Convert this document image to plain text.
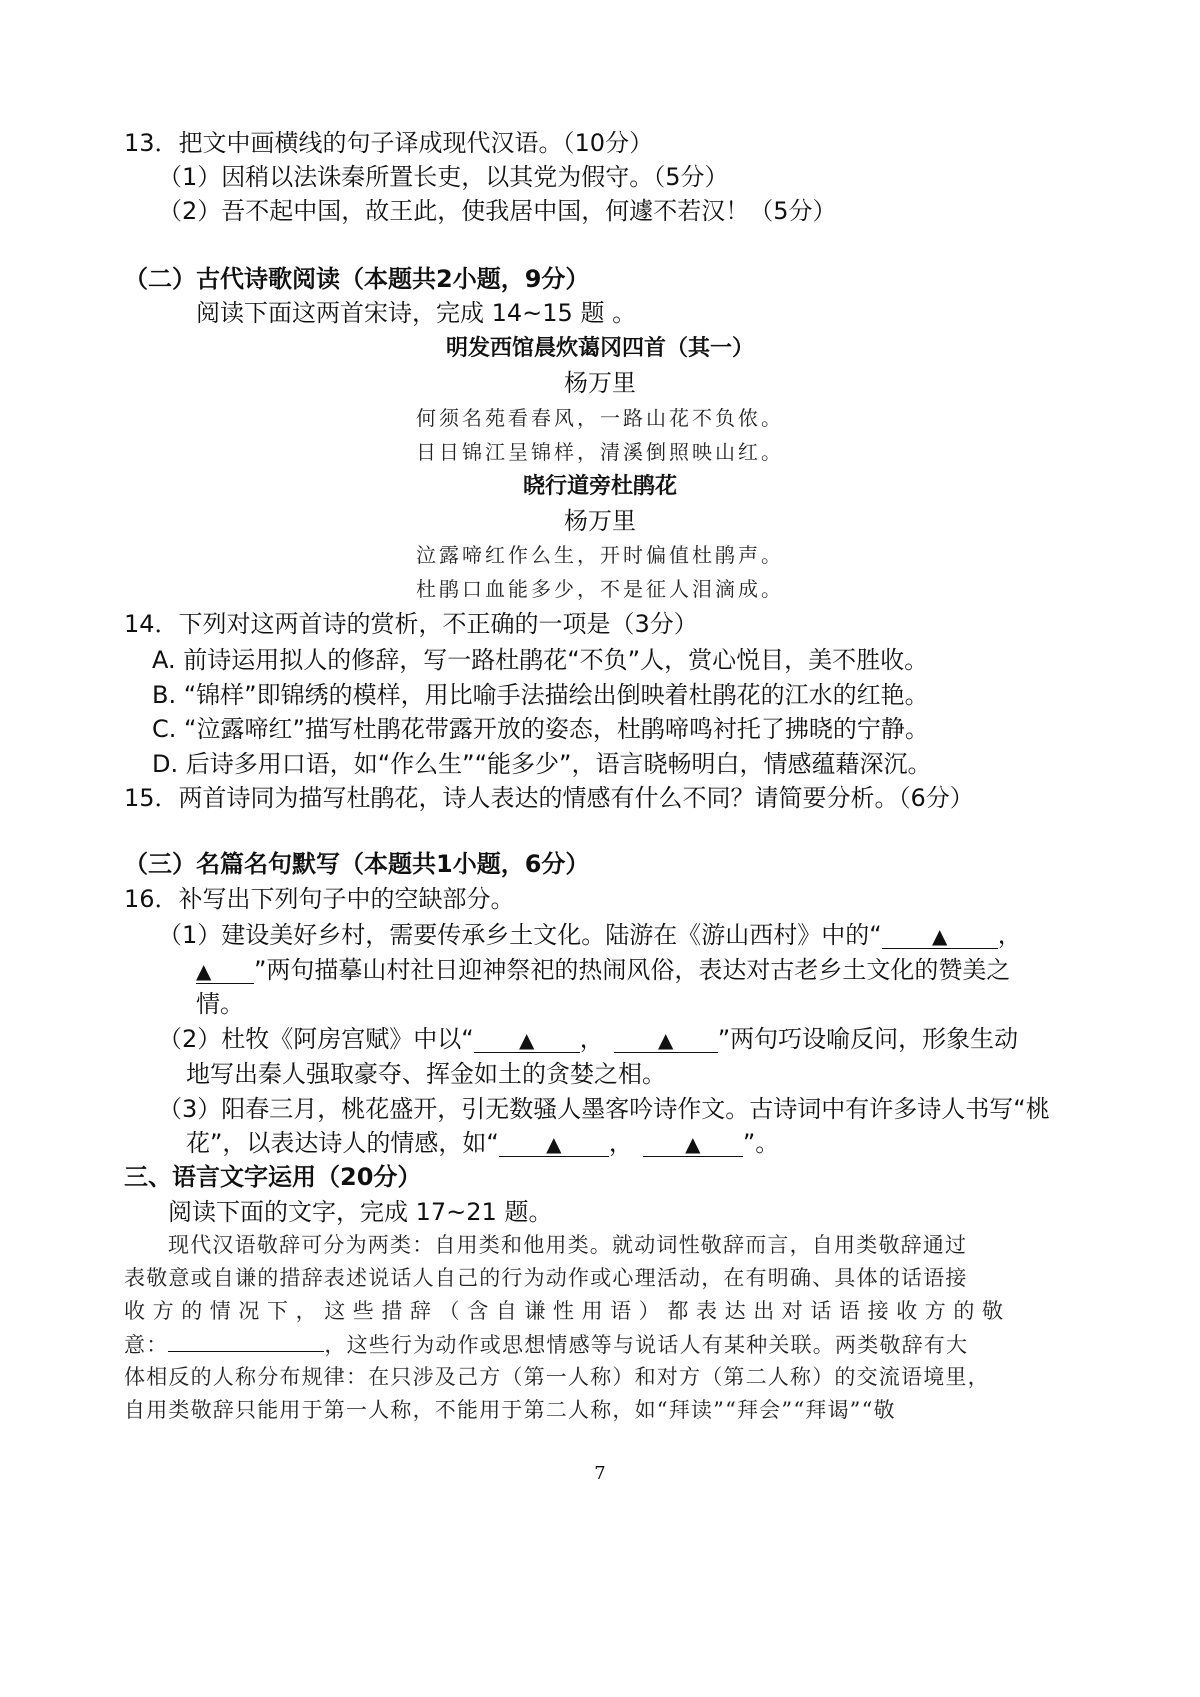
13．把文中画横线的句子译成现代汉语。（10分）
（1）因稍以法诛秦所置长吏，以其党为假守。（5分）
（2）吾不起中国，故王此，使我居中国，何遽不若汉！（5分）
（二）古代诗歌阅读（本题共2小题，9分）
阅读下面这两首宋诗，完成 14~15 题 。
明发西馆晨炊蔼冈四首（其一）
杨万里
何须名苑看春风，一路山花不负侬。
日日锦江呈锦样，清溪倒照映山红。
晓行道旁杜鹃花
杨万里
泣露啼红作么生，开时偏值杜鹃声。
杜鹃口血能多少，不是征人泪滴成。
14．下列对这两首诗的赏析，不正确的一项是（3分）
A. 前诗运用拟人的修辞，写一路杜鹃花“不负”人，赏心悦目，美不胜收。
B. “锦样”即锦绣的模样，用比喻手法描绘出倒映着杜鹃花的江水的红艳。
C. “泣露啼红”描写杜鹃花带露开放的姿态，杜鹃啼鸣衬托了拂晓的宁静。
D. 后诗多用口语，如“作么生”“能多少”，语言晓畅明白，情感蕴藉深沉。
15．两首诗同为描写杜鹃花，诗人表达的情感有什么不同？请简要分析。（6分）
（三）名篇名句默写（本题共1小题，6分）
16．补写出下列句子中的空缺部分。
（1）建设美好乡村，需要传承乡土文化。陆游在《游山西村》中的“	▲ ，
▲ ”两句描摹山村社日迎神祭祀的热闹风俗，表达对古老乡土文化的赞美之
情。
（2）杜牧《阿房宫赋》中以“ ▲ ，	▲ ”两句巧设喻反问，形象生动
地写出秦人强取豪夺、挥金如土的贪婪之相。
（3）阳春三月，桃花盛开，引无数骚人墨客吟诗作文。古诗词中有许多诗人书写“桃
花”，以表达诗人的情感，如“ ▲ ，	▲ ”。
三、语言文字运用（20分）
阅读下面的文字，完成 17~21 题。
现代汉语敬辞可分为两类：自用类和他用类。就动词性敬辞而言，自用类敬辞通过
表敬意或自谦的措辞表述说话人自己的行为动作或心理活动，在有明确、具体的话语接
收方的情况下，这些措辞（含自谦性用语）都表达出对话语接收方的敬
意：	，这些行为动作或思想情感等与说话人有某种关联。两类敬辞有大
体相反的人称分布规律：在只涉及己方（第一人称）和对方（第二人称）的交流语境里，
自用类敬辞只能用于第一人称，不能用于第二人称，如“拜读”“拜会”“拜谒”“敬
7
